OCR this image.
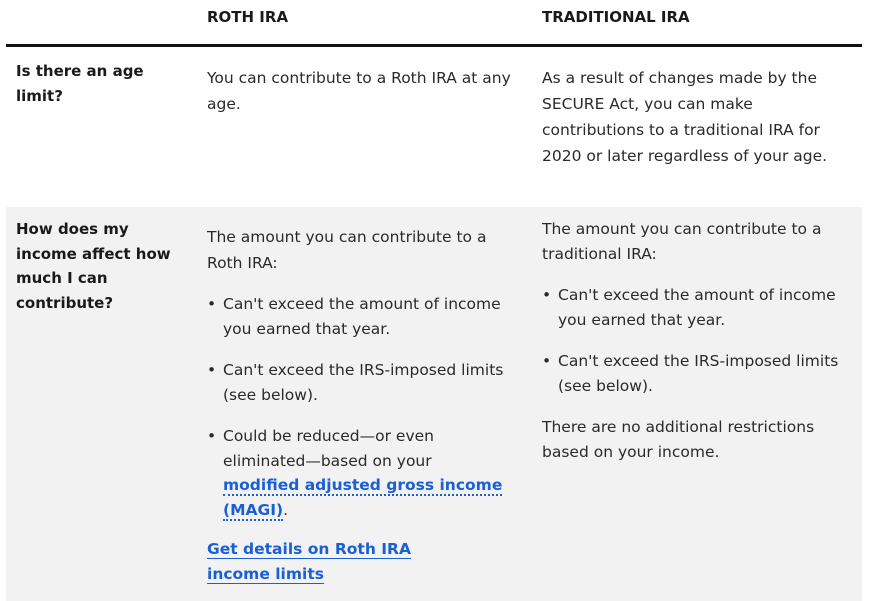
ROTH IRA	TRADITIONAL IRA
Is there an age limit?
You can contribute to a Roth IRA at any age.
As a result of changes made by the SECURE Act, you can make contributions to a traditional IRA for 2020 or later regardless of your age.
How does my income affect how much I can contribute?

The amount you can contribute to a Roth IRA:

• Can't exceed the amount of income you earned that year.
• Can't exceed the IRS-imposed limits (see below).
• Could be reduced—or even eliminated—based on your modified adjusted gross income (MAGI).

Get details on Roth IRA income limits

The amount you can contribute to a traditional IRA:

• Can't exceed the amount of income you earned that year.
• Can't exceed the IRS-imposed limits (see below).

There are no additional restrictions based on your income.
